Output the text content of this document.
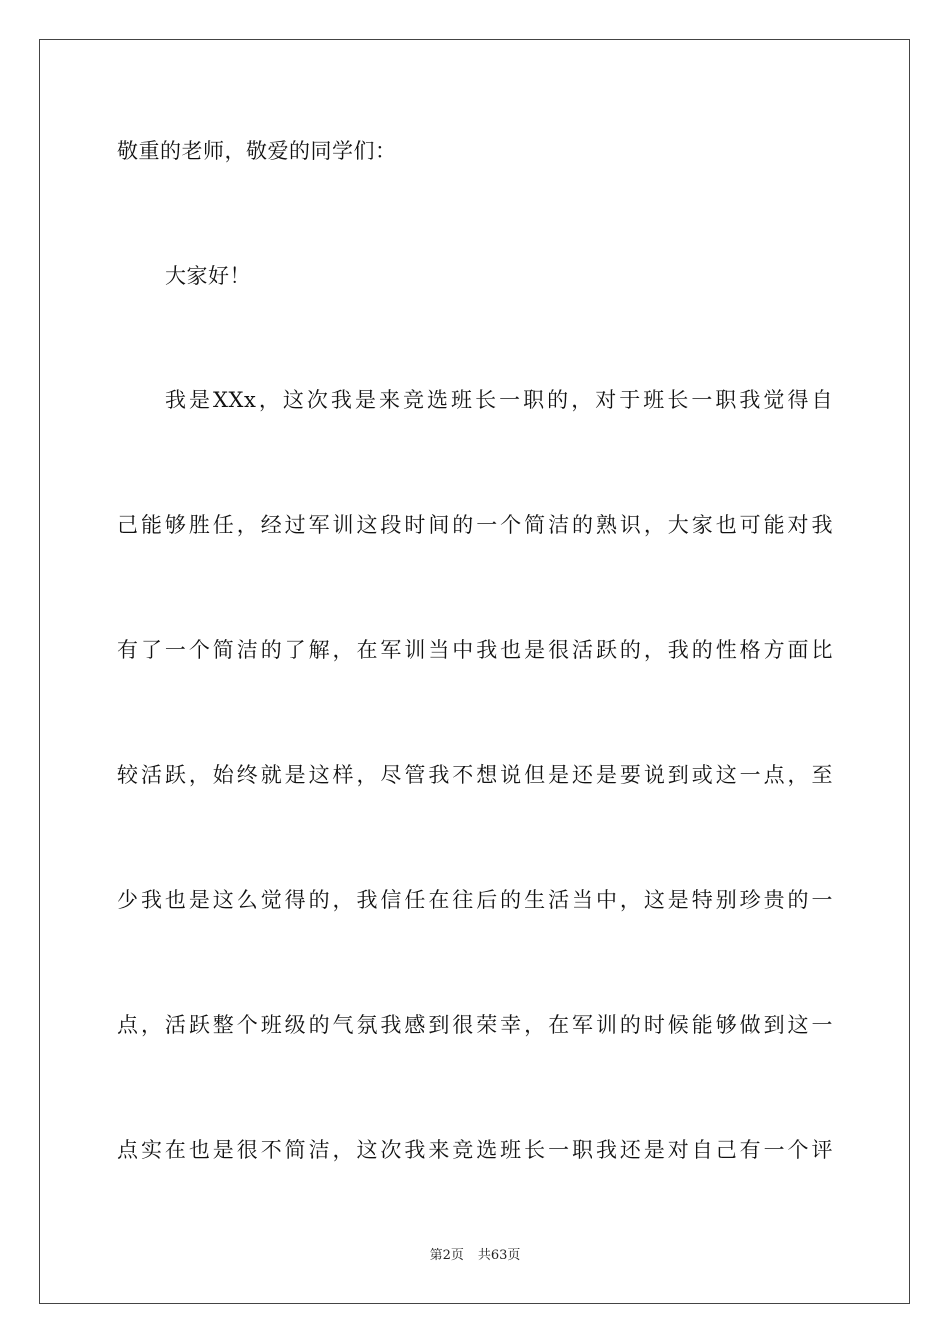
敬重的老师，敬爱的同学们：
大家好！
我是XXx，这次我是来竞选班长一职的，对于班长一职我觉得自
己能够胜任，经过军训这段时间的一个简洁的熟识，大家也可能对我
有了一个简洁的了解，在军训当中我也是很活跃的，我的性格方面比
较活跃，始终就是这样，尽管我不想说但是还是要说到或这一点，至
少我也是这么觉得的，我信任在往后的生活当中，这是特别珍贵的一
点，活跃整个班级的气氛我感到很荣幸，在军训的时候能够做到这一
点实在也是很不简洁，这次我来竞选班长一职我还是对自己有一个评
第2页 共63页
